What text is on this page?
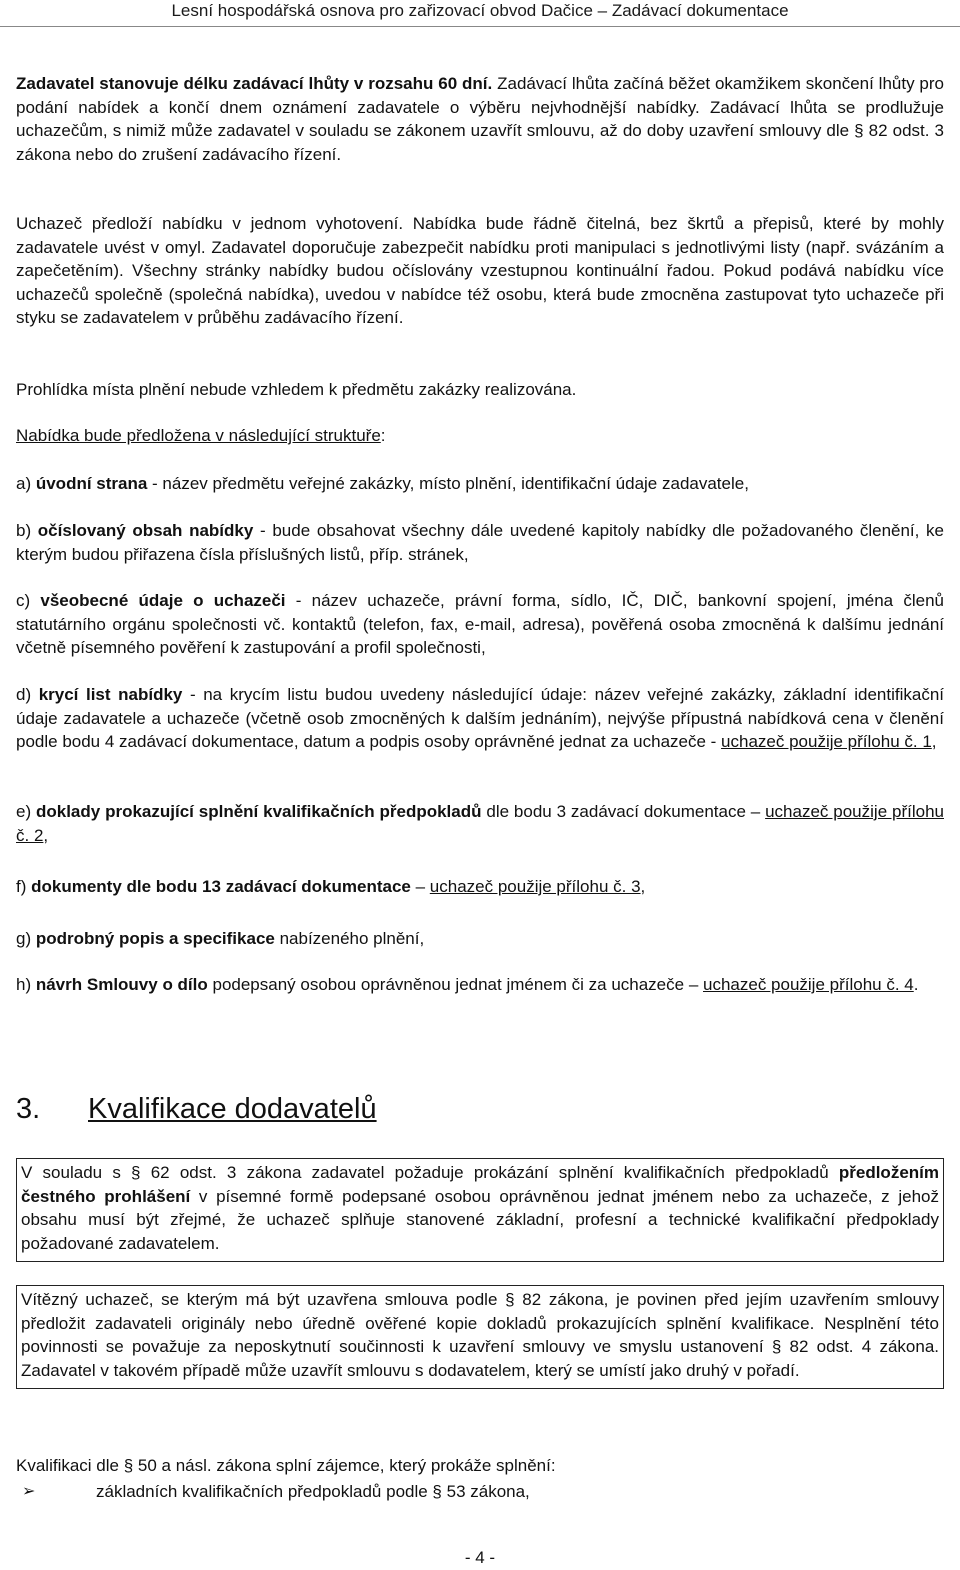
Lesní hospodářská osnova pro zařizovací obvod Dačice – Zadávací dokumentace

Zadavatel stanovuje délku zadávací lhůty v rozsahu 60 dní. Zadávací lhůta začíná běžet okamžikem skončení lhůty pro podání nabídek a končí dnem oznámení zadavatele o výběru nejvhodnější nabídky. Zadávací lhůta se prodlužuje uchazečům, s nimiž může zadavatel v souladu se zákonem uzavřít smlouvu, až do doby uzavření smlouvy dle § 82 odst. 3 zákona nebo do zrušení zadávacího řízení.

Uchazeč předloží nabídku v jednom vyhotovení. Nabídka bude řádně čitelná, bez škrtů a přepisů, které by mohly zadavatele uvést v omyl. Zadavatel doporučuje zabezpečit nabídku proti manipulaci s jednotlivými listy (např. svázáním a zapečetěním). Všechny stránky nabídky budou očíslovány vzestupnou kontinuální řadou. Pokud podává nabídku více uchazečů společně (společná nabídka), uvedou v nabídce též osobu, která bude zmocněna zastupovat tyto uchazeče při styku se zadavatelem v průběhu zadávacího řízení.

Prohlídka místa plnění nebude vzhledem k předmětu zakázky realizována.

Nabídka bude předložena v následující struktuře:

a) úvodní strana - název předmětu veřejné zakázky, místo plnění, identifikační údaje zadavatele,

b) očíslovaný obsah nabídky - bude obsahovat všechny dále uvedené kapitoly nabídky dle požadovaného členění, ke kterým budou přiřazena čísla příslušných listů, příp. stránek,

c) všeobecné údaje o uchazeči - název uchazeče, právní forma, sídlo, IČ, DIČ, bankovní spojení, jména členů statutárního orgánu společnosti vč. kontaktů (telefon, fax, e-mail, adresa), pověřená osoba zmocněná k dalšímu jednání včetně písemného pověření k zastupování a profil společnosti,

d) krycí list nabídky - na krycím listu budou uvedeny následující údaje: název veřejné zakázky, základní identifikační údaje zadavatele a uchazeče (včetně osob zmocněných k dalším jednáním), nejvýše přípustná nabídková cena v členění podle bodu 4 zadávací dokumentace, datum a podpis osoby oprávněné jednat za uchazeče - uchazeč použije přílohu č. 1,

e) doklady prokazující splnění kvalifikačních předpokladů dle bodu 3 zadávací dokumentace – uchazeč použije přílohu č. 2,

f) dokumenty dle bodu 13 zadávací dokumentace – uchazeč použije přílohu č. 3,

g) podrobný popis a specifikace nabízeného plnění,

h) návrh Smlouvy o dílo podepsaný osobou oprávněnou jednat jménem či za uchazeče – uchazeč použije přílohu č. 4.

3. Kvalifikace dodavatelů

V souladu s § 62 odst. 3 zákona zadavatel požaduje prokázání splnění kvalifikačních předpokladů předložením čestného prohlášení v písemné formě podepsané osobou oprávněnou jednat jménem nebo za uchazeče, z jehož obsahu musí být zřejmé, že uchazeč splňuje stanovené základní, profesní a technické kvalifikační předpoklady požadované zadavatelem.

Vítězný uchazeč, se kterým má být uzavřena smlouva podle § 82 zákona, je povinen před jejím uzavřením smlouvy předložit zadavateli originály nebo úředně ověřené kopie dokladů prokazujících splnění kvalifikace. Nesplnění této povinnosti se považuje za neposkytnutí součinnosti k uzavření smlouvy ve smyslu ustanovení § 82 odst. 4 zákona. Zadavatel v takovém případě může uzavřít smlouvu s dodavatelem, který se umístí jako druhý v pořadí.

Kvalifikaci dle § 50 a násl. zákona splní zájemce, který prokáže splnění:

➢	základních kvalifikačních předpokladů podle § 53 zákona,
- 4 -
